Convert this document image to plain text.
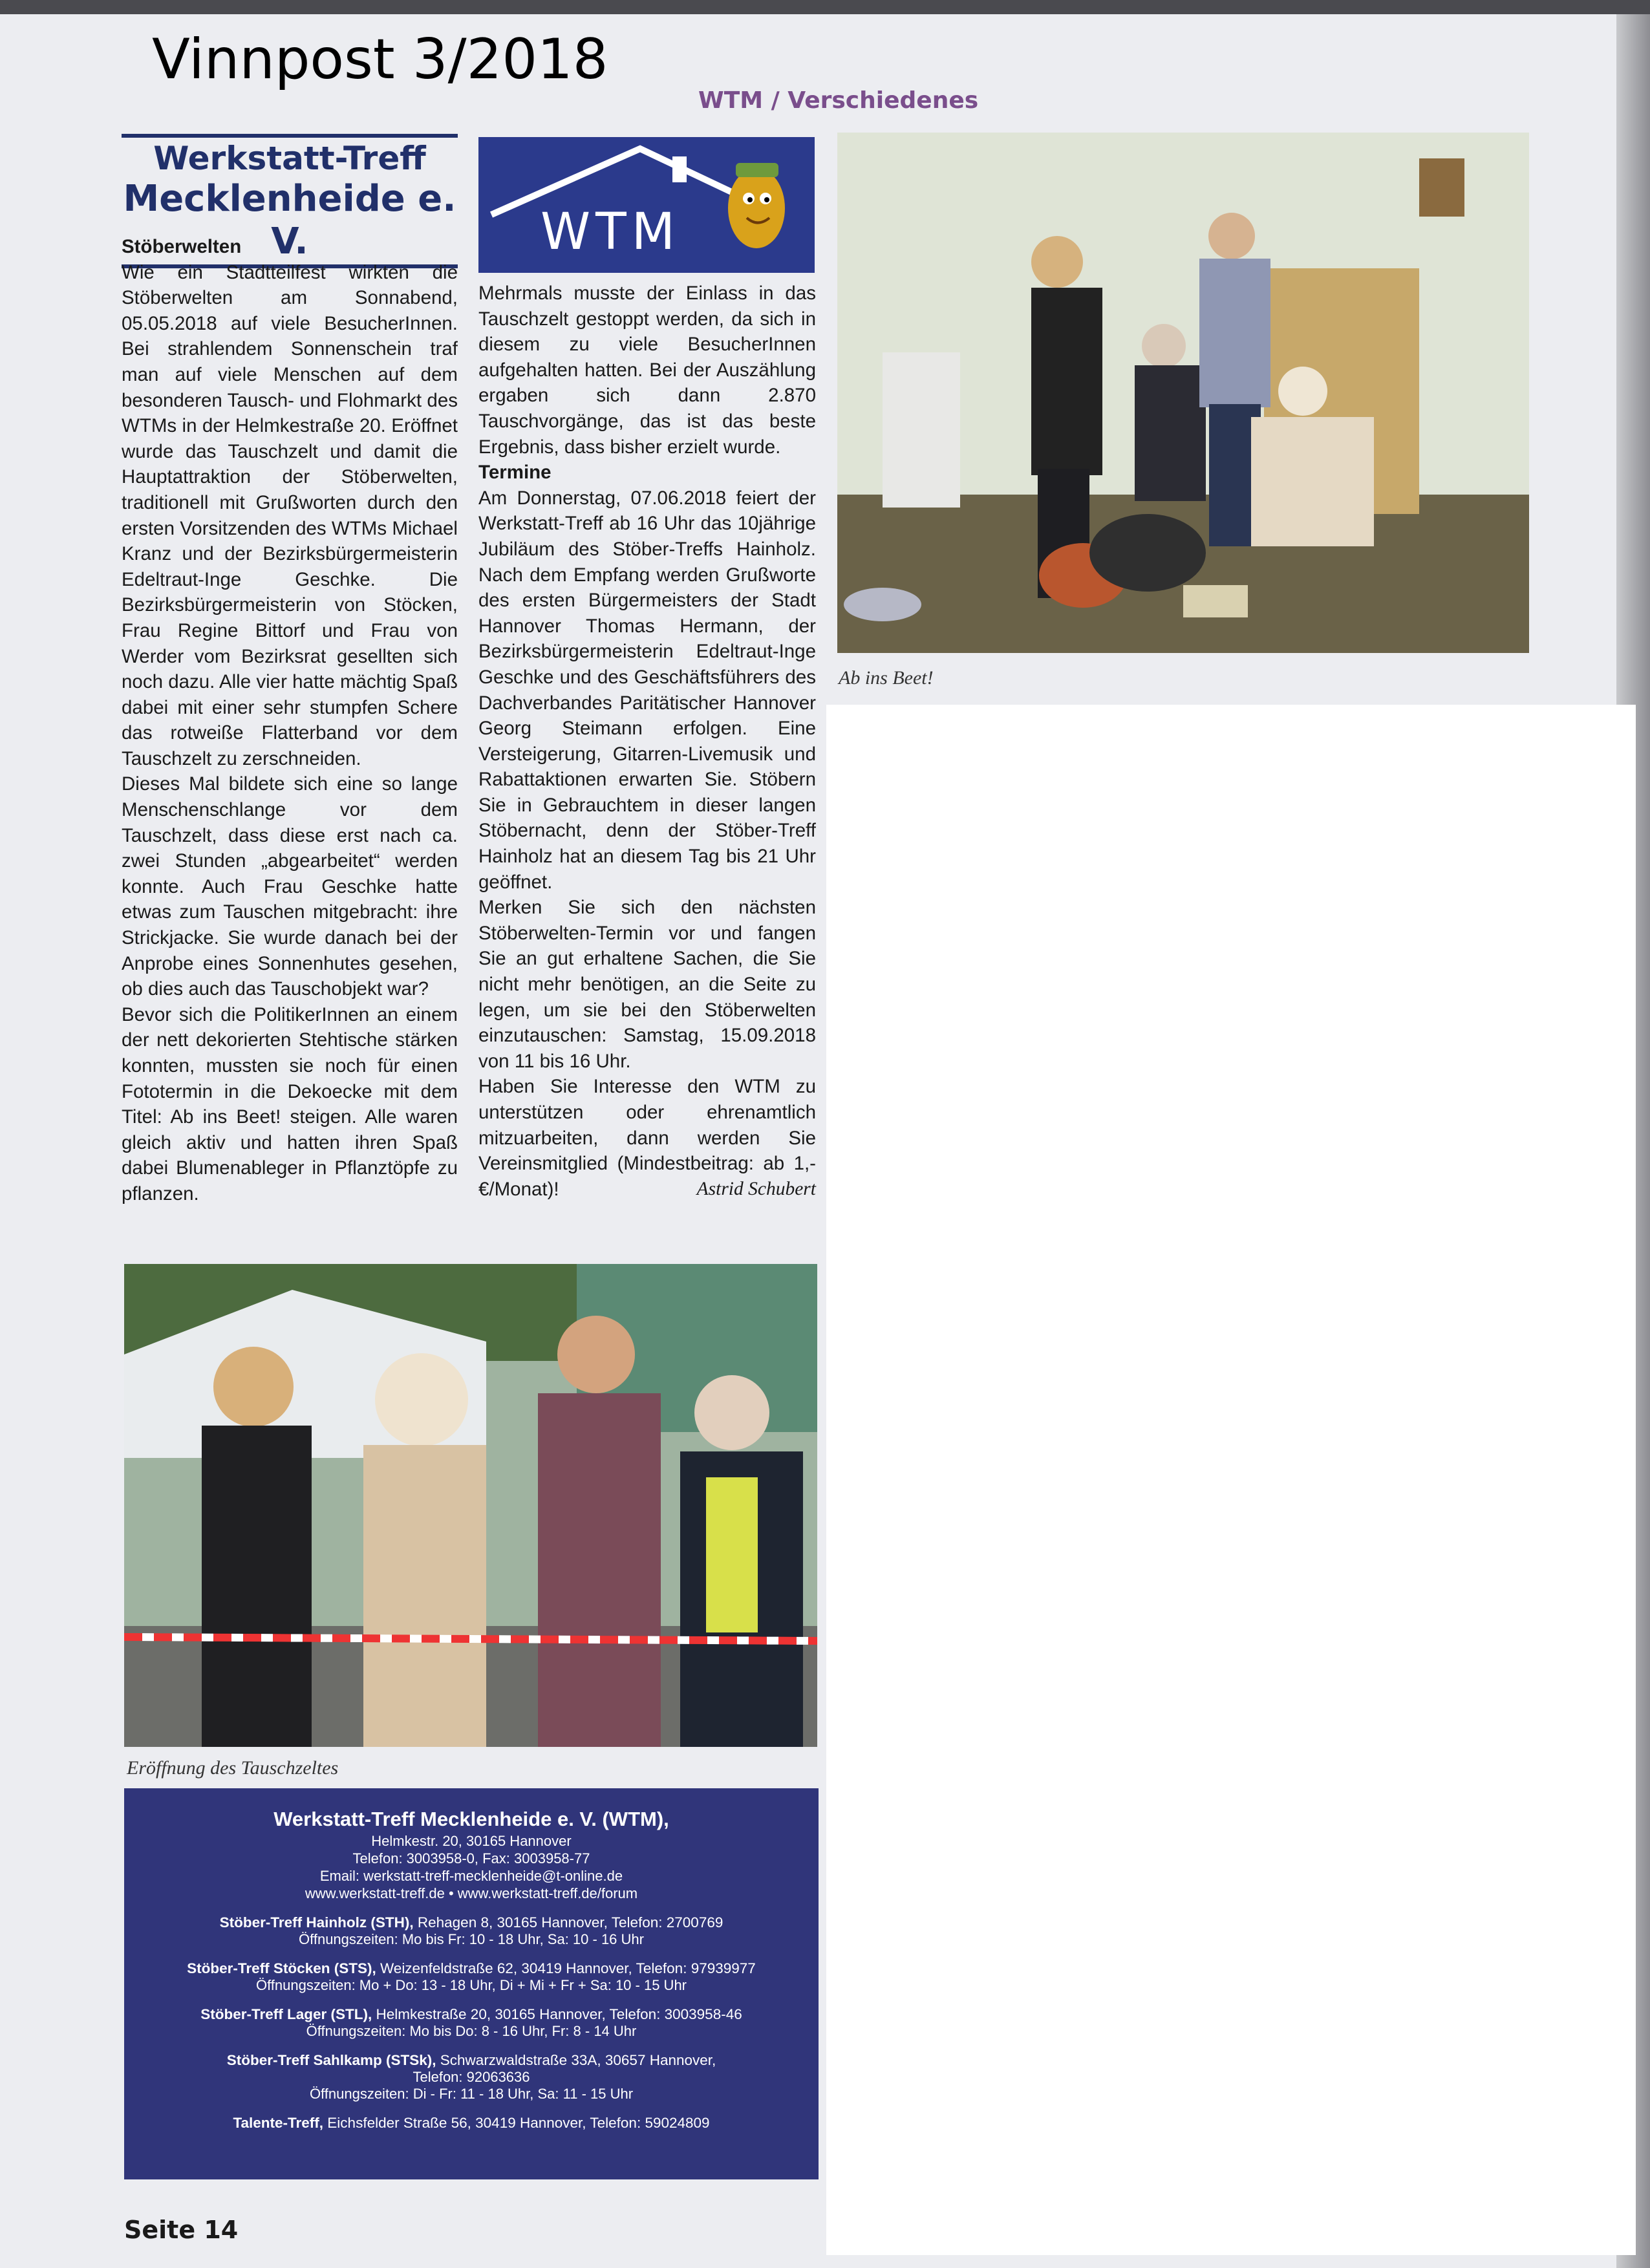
Vinnpost 3/2018
WTM / Verschiedenes
Werkstatt-Treff
Mecklenheide e. V.	WTM

Stöberwelten

Wie ein Stadtteilfest wirkten die Stöberwelten am Sonnabend, 05.05.2018 auf viele BesucherInnen. Bei strahlendem Sonnenschein traf man auf viele Menschen auf dem besonderen Tausch- und Flohmarkt des WTMs in der Helmkestraße 20. Eröffnet wurde das Tauschzelt und damit die Hauptattraktion der Stöberwelten, traditionell mit Grußworten durch den ersten Vorsitzenden des WTMs Michael Kranz und der Bezirksbürgermeisterin Edeltraut-Inge Geschke. Die Bezirksbürgermeisterin von Stöcken, Frau Regine Bittorf und Frau von Werder vom Bezirksrat gesellten sich noch dazu. Alle vier hatte mächtig Spaß dabei mit einer sehr stumpfen Schere das rotweiße Flatterband vor dem Tauschzelt zu zerschneiden.

Dieses Mal bildete sich eine so lange Menschenschlange vor dem Tauschzelt, dass diese erst nach ca. zwei Stunden „abgearbeitet“ werden konnte. Auch Frau Geschke hatte etwas zum Tauschen mitgebracht: ihre Strickjacke. Sie wurde danach bei der Anprobe eines Sonnenhutes gesehen, ob dies auch das Tauschobjekt war?

Bevor sich die PolitikerInnen an einem der nett dekorierten Stehtische stärken konnten, mussten sie noch für einen Fototermin in die Dekoecke mit dem Titel: Ab ins Beet! steigen. Alle waren gleich aktiv und hatten ihren Spaß dabei Blumenableger in Pflanztöpfe zu pflanzen.

Mehrmals musste der Einlass in das Tauschzelt gestoppt werden, da sich in diesem zu viele BesucherInnen aufgehalten hatten. Bei der Auszählung ergaben sich dann 2.870 Tauschvorgänge, das ist das beste Ergebnis, dass bisher erzielt wurde.

Termine

Am Donnerstag, 07.06.2018 feiert der Werkstatt-Treff ab 16 Uhr das 10jährige Jubiläum des Stöber-Treffs Hainholz. Nach dem Empfang werden Grußworte des ersten Bürgermeisters der Stadt Hannover Thomas Hermann, der Bezirksbürgermeisterin Edeltraut-Inge Geschke und des Geschäftsführers des Dachverbandes Paritätischer Hannover Georg Steimann erfolgen. Eine Versteigerung, Gitarren-Livemusik und Rabattaktionen erwarten Sie. Stöbern Sie in Gebrauchtem in dieser langen Stöbernacht, denn der Stöber-Treff Hainholz hat an diesem Tag bis 21 Uhr geöffnet.

Merken Sie sich den nächsten Stöberwelten-Termin vor und fangen Sie an gut erhaltene Sachen, die Sie nicht mehr benötigen, an die Seite zu legen, um sie bei den Stöberwelten einzutauschen: Samstag, 15.09.2018 von 11 bis 16 Uhr.

Haben Sie Interesse den WTM zu unterstützen oder ehrenamtlich mitzuarbeiten, dann werden Sie Vereinsmitglied (Mindestbeitrag: ab 1,-€/Monat)!	Astrid Schubert

Ab ins Beet!
Eröffnung des Tauschzeltes
Werkstatt-Treff Mecklenheide e. V. (WTM),
Helmkestr. 20, 30165 Hannover
Telefon: 3003958-0, Fax: 3003958-77
Email: werkstatt-treff-mecklenheide@t-online.de
www.werkstatt-treff.de • www.werkstatt-treff.de/forum
Stöber-Treff Hainholz (STH), Rehagen 8, 30165 Hannover, Telefon: 2700769
Öffnungszeiten: Mo bis Fr: 10 - 18 Uhr, Sa: 10 - 16 Uhr
Stöber-Treff Stöcken (STS), Weizenfeldstraße 62, 30419 Hannover, Telefon: 97939977
Öffnungszeiten: Mo + Do: 13 - 18 Uhr, Di + Mi + Fr + Sa: 10 - 15 Uhr
Stöber-Treff Lager (STL), Helmkestraße 20, 30165 Hannover, Telefon: 3003958-46
Öffnungszeiten: Mo bis Do: 8 - 16 Uhr, Fr: 8 - 14 Uhr
Stöber-Treff Sahlkamp (STSk), Schwarzwaldstraße 33A, 30657 Hannover,
Telefon: 92063636
Öffnungszeiten: Di - Fr: 11 - 18 Uhr, Sa: 11 - 15 Uhr
Talente-Treff, Eichsfelder Straße 56, 30419 Hannover, Telefon: 59024809
Seite 14
